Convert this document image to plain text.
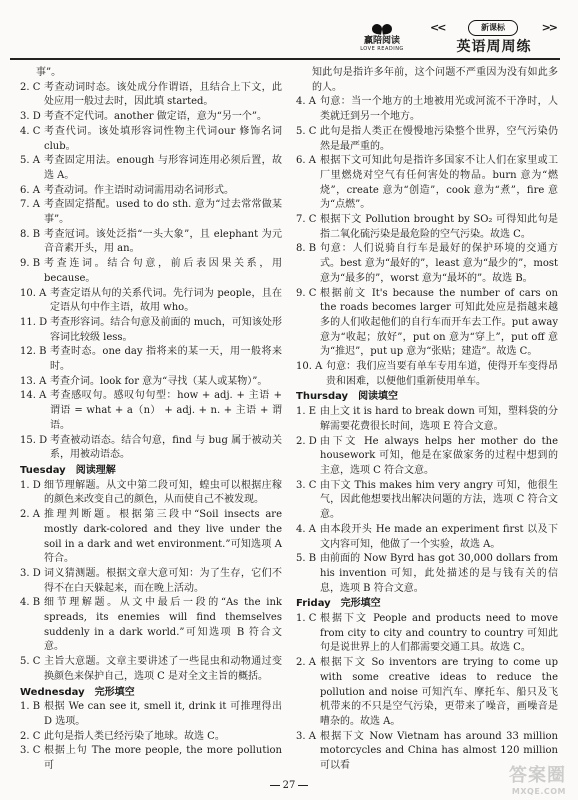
赢陪阅读
LOVE READING
<<	新课标	>>
英语周周练

事”。

2. C 考查动词时态。该处成分作谓语，且结合上下文，此处应用一般过去时，因此填 started。

3. D 考查不定代词。another 做定语，意为“另一个”。

4. C 考查代词。该处填形容词性物主代词our 修饰名词 club。

5. A 考查固定用法。enough 与形容词连用必须后置，故选 A。

6. A 考查动词。作主语时动词需用动名词形式。

7. A 考查固定搭配。used to do sth. 意为“过去常常做某事”。

8. B 考查冠词。该处泛指“一头大象”，且 elephant 为元音音素开头，用 an。

9. B 考查连词。结合句意，前后表因果关系，用 because。

10. A 考查定语从句的关系代词。先行词为 people，且在定语从句中作主语，故用 who。

11. D 考查形容词。结合句意及前面的 much，可知该处形容词比较级 less。

12. B 考查时态。one day 指将来的某一天，用一般将来时。

13. A 考查介词。look for 意为“寻找（某人或某物）”。

14. A 考查感叹句。感叹句句型：how + adj. + 主语 + 谓语 = what + a（n） + adj. + n. + 主语 + 谓语。

15. D 考查被动语态。结合句意，find 与 bug 属于被动关系，用被动语态。

Tuesday 阅读理解

1. D 细节理解题。从文中第二段可知，蝗虫可以根据庄稼的颜色来改变自己的颜色，从而使自己不被发现。

2. A 推理判断题。根据第三段中“Soil insects are mostly dark-colored and they live under the soil in a dark and wet environment.”可知选项 A 符合。

3. D 词义猜测题。根据文章大意可知：为了生存，它们不得不在白天躲起来，而在晚上活动。

4. B 细节理解题。从文中最后一段的“As the ink spreads, its enemies will find themselves suddenly in a dark world.”可知选项 B 符合文意。

5. C 主旨大意题。文章主要讲述了一些昆虫和动物通过变换颜色来保护自己，选项 C 是对全文主旨的概括。

Wednesday 完形填空

1. B 根据 We can see it, smell it, drink it 可推理得出 D 选项。

2. C 此句是指人类已经污染了地球。故选 C。

3. C 根据上句 The more people, the more pollution 可

知此句是指许多年前，这个问题不严重因为没有如此多的人。

4. A 句意：当一个地方的土地被用光或河流不干净时，人类就迁到另一个地方。

5. C 此句是指人类正在慢慢地污染整个世界，空气污染仍然是最严重的。

6. A 根据下文可知此句是指许多国家不让人们在家里或工厂里燃烧对空气有任何害处的物品。burn 意为“燃烧”，create 意为“创造”，cook 意为“煮”，fire 意为“点燃”。

7. C 根据下文 Pollution brought by SO₂ 可得知此句是指二氧化硫污染是最危险的空气污染。故选 C。

8. B 句意：人们说骑自行车是最好的保护环境的交通方式。best 意为“最好的”，least 意为“最少的”，most 意为“最多的”，worst 意为“最坏的”。故选 B。

9. C 根据前文 It's because the number of cars on the roads becomes larger 可知此处应是指越来越多的人们收起他们的自行车而开车去工作。put away 意为“收起；放好”，put on 意为“穿上”，put off 意为“推迟”，put up 意为“张贴；建造”。故选 C。

10. A 句意：我们应当要有单车专用车道，使得开车变得昂贵和困难，以便他们重新使用单车。

Thursday 阅读填空

1. E 由上文 it is hard to break down 可知，塑料袋的分解需要花费很长时间，选项 E 符合文意。

2. D 由下文 He always helps her mother do the housework 可知，他是在家做家务的过程中想到的主意，选项 C 符合文意。

3. C 由下文 This makes him very angry 可知，他很生气，因此他想要找出解决问题的方法，选项 C 符合文意。

4. A 由本段开头 He made an experiment first 以及下文内容可知，他做了一个实验，故选 A。

5. B 由前面的 Now Byrd has got 30,000 dollars from his invention 可知，此处描述的是与钱有关的信息，选项 B 符合文意。

Friday 完形填空

1. C 根据下文 People and products need to move from city to city and country to country 可知此句是说世界上的人们都需要交通工具。故选 C。

2. A 根据下文 So inventors are trying to come up with some creative ideas to reduce the pollution and noise 可知汽车、摩托车、船只及飞机带来的不只是空气污染，更带来了噪音，画噪音是嘈杂的。故选 A。

3. A 根据下文 Now Vietnam has around 33 million motorcycles and China has almost 120 million 可以看

27	答案圈
MXQE.COM
